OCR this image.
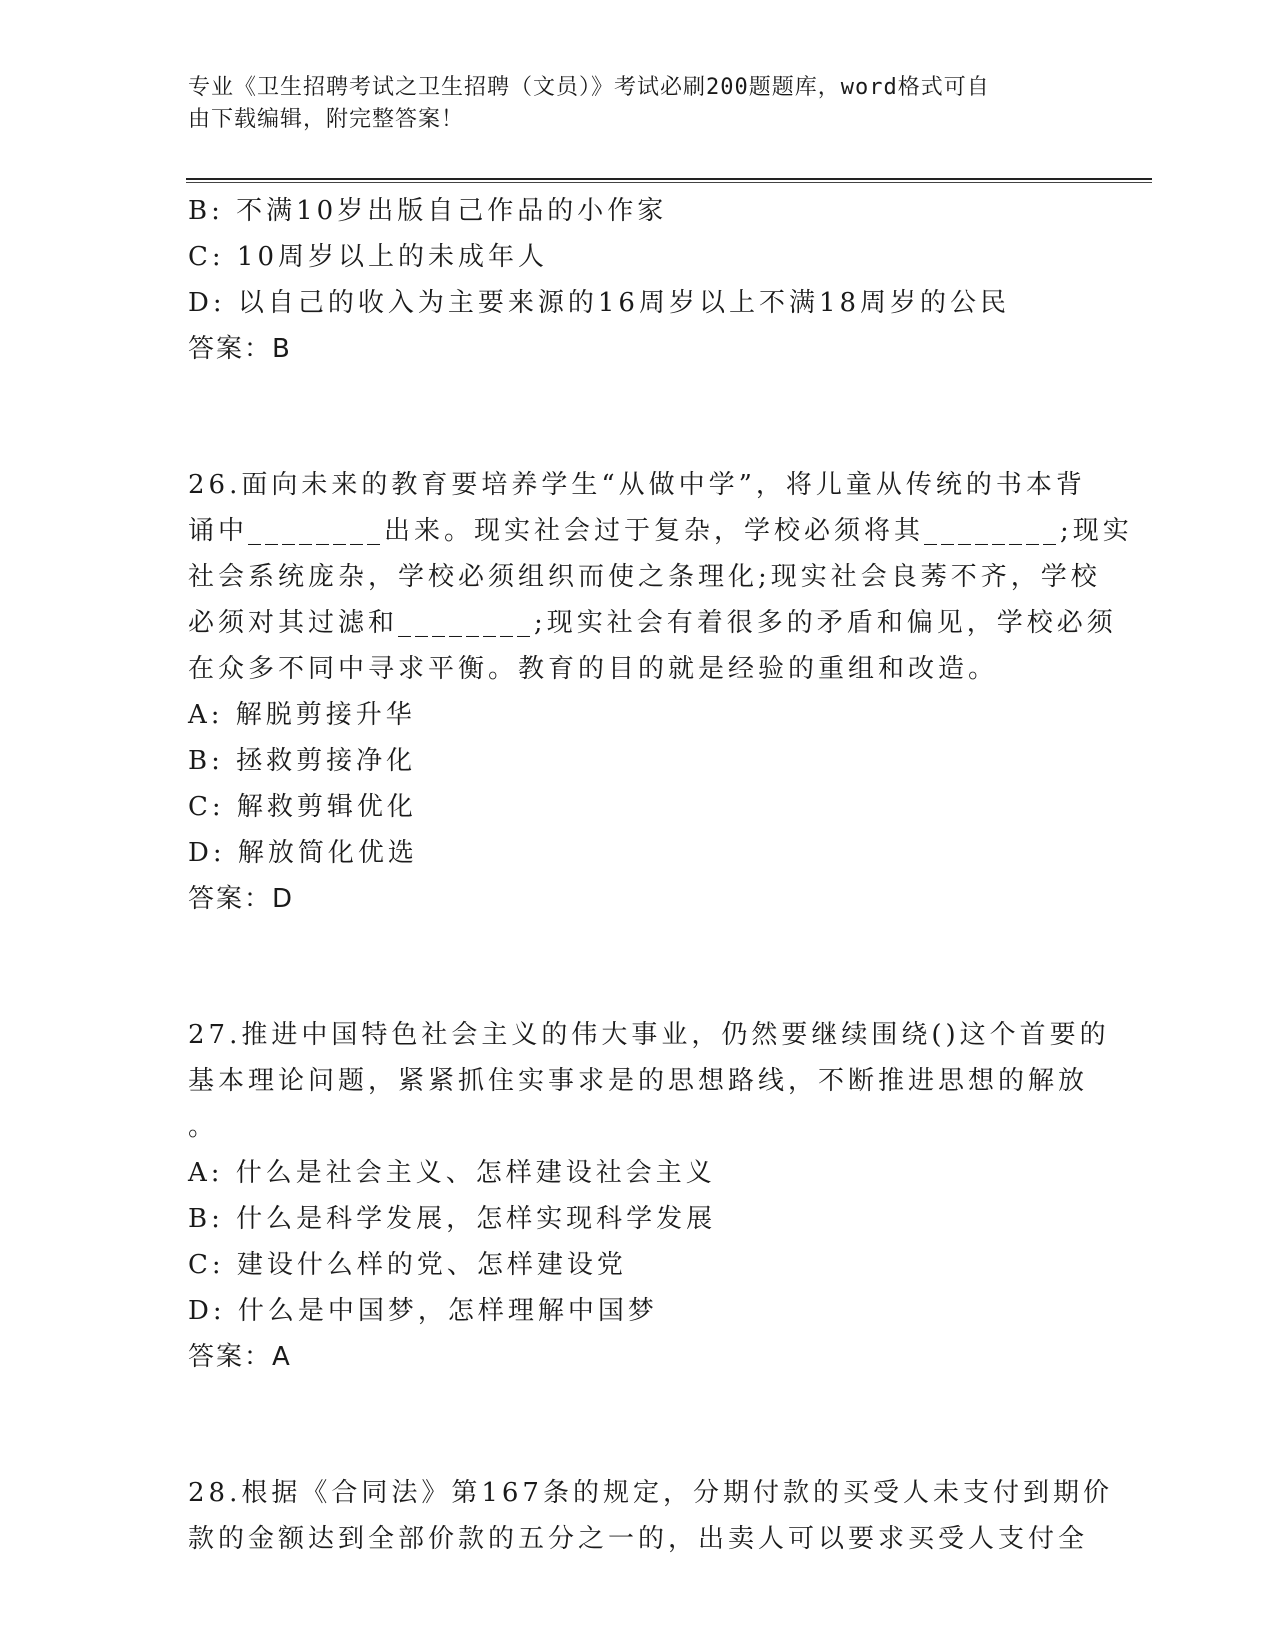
专业《卫生招聘考试之卫生招聘（文员）》考试必刷200题题库，word格式可自
由下载编辑，附完整答案！
B: 不满10岁出版自己作品的小作家
C: 10周岁以上的未成年人
D: 以自己的收入为主要来源的16周岁以上不满18周岁的公民
答案：B
26.面向未来的教育要培养学生“从做中学”，将儿童从传统的书本背
诵中________出来。现实社会过于复杂，学校必须将其________;现实
社会系统庞杂，学校必须组织而使之条理化;现实社会良莠不齐，学校
必须对其过滤和________;现实社会有着很多的矛盾和偏见，学校必须
在众多不同中寻求平衡。教育的目的就是经验的重组和改造。
A: 解脱剪接升华
B: 拯救剪接净化
C: 解救剪辑优化
D: 解放简化优选
答案：D
27.推进中国特色社会主义的伟大事业，仍然要继续围绕()这个首要的
基本理论问题，紧紧抓住实事求是的思想路线，不断推进思想的解放
。
A: 什么是社会主义、怎样建设社会主义
B: 什么是科学发展，怎样实现科学发展
C: 建设什么样的党、怎样建设党
D: 什么是中国梦，怎样理解中国梦
答案：A
28.根据《合同法》第167条的规定，分期付款的买受人未支付到期价
款的金额达到全部价款的五分之一的，出卖人可以要求买受人支付全
